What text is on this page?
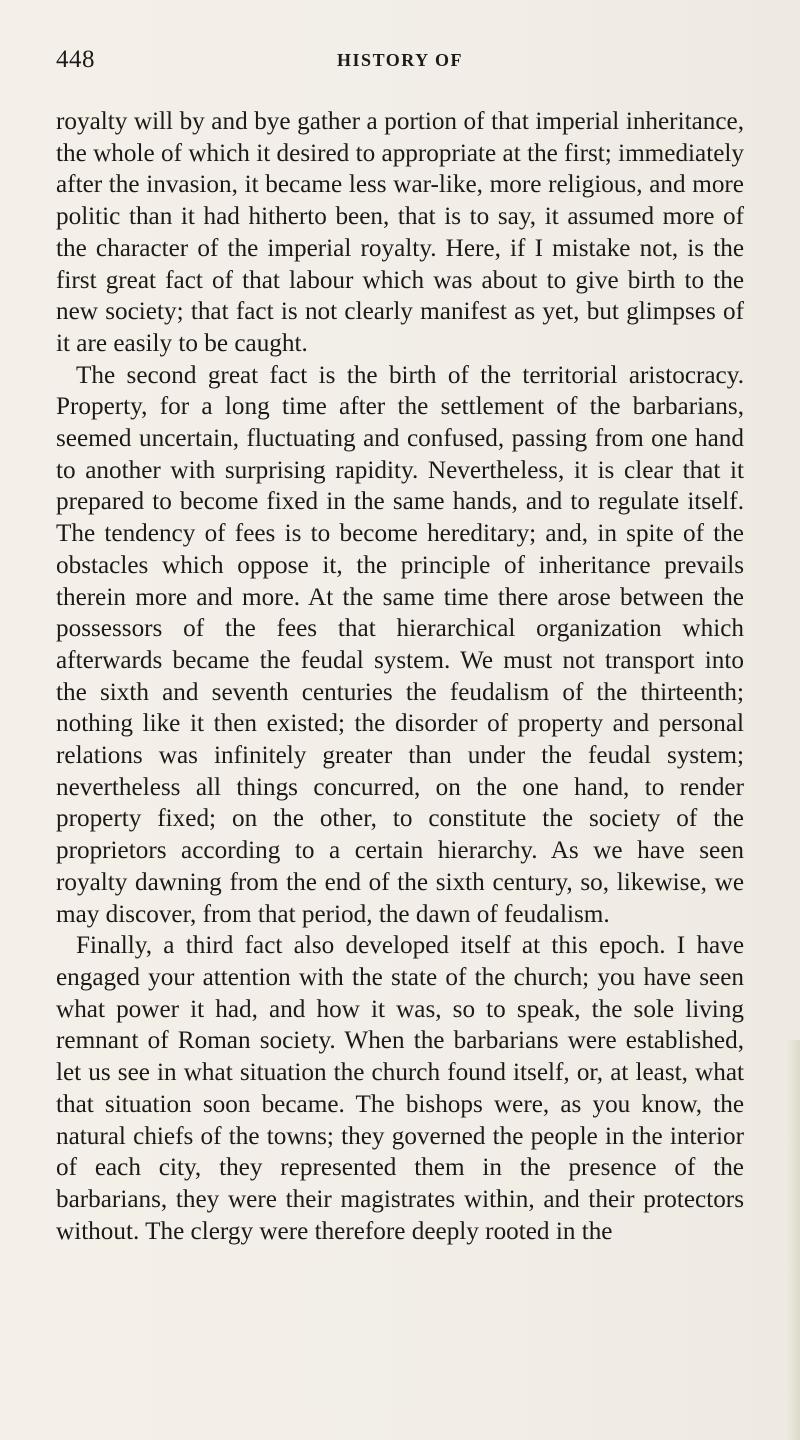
448	HISTORY OF

royalty will by and bye gather a portion of that imperial inheritance, the whole of which it desired to appropriate at the first; immediately after the invasion, it became less war-like, more religious, and more politic than it had hitherto been, that is to say, it assumed more of the character of the imperial royalty. Here, if I mistake not, is the first great fact of that labour which was about to give birth to the new society; that fact is not clearly manifest as yet, but glimpses of it are easily to be caught.

The second great fact is the birth of the territorial aristocracy. Property, for a long time after the settlement of the barbarians, seemed uncertain, fluctuating and confused, passing from one hand to another with surprising rapidity. Nevertheless, it is clear that it prepared to become fixed in the same hands, and to regulate itself. The tendency of fees is to become hereditary; and, in spite of the obstacles which oppose it, the principle of inheritance prevails therein more and more. At the same time there arose between the possessors of the fees that hierarchical organization which afterwards became the feudal system. We must not transport into the sixth and seventh centuries the feudalism of the thirteenth; nothing like it then existed; the disorder of property and personal relations was infinitely greater than under the feudal system; nevertheless all things concurred, on the one hand, to render property fixed; on the other, to constitute the society of the proprietors according to a certain hierarchy. As we have seen royalty dawning from the end of the sixth century, so, likewise, we may discover, from that period, the dawn of feudalism.

Finally, a third fact also developed itself at this epoch. I have engaged your attention with the state of the church; you have seen what power it had, and how it was, so to speak, the sole living remnant of Roman society. When the barbarians were established, let us see in what situation the church found itself, or, at least, what that situation soon became. The bishops were, as you know, the natural chiefs of the towns; they governed the people in the interior of each city, they represented them in the presence of the barbarians, they were their magistrates within, and their protectors without. The clergy were therefore deeply rooted in the
